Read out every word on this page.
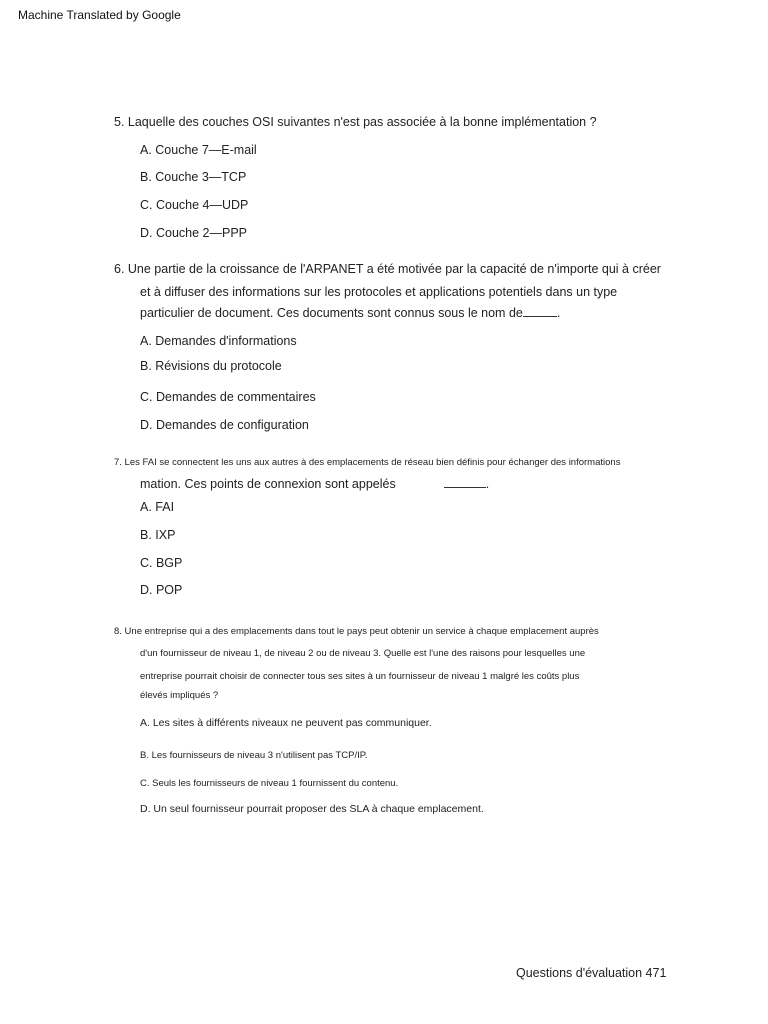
Machine Translated by Google
5. Laquelle des couches OSI suivantes n'est pas associée à la bonne implémentation ?
A. Couche 7—E-mail
B. Couche 3—TCP
C. Couche 4—UDP
D. Couche 2—PPP
6. Une partie de la croissance de l'ARPANET a été motivée par la capacité de n'importe qui à créer
et à diffuser des informations sur les protocoles et applications potentiels dans un type
particulier de document. Ces documents sont connus sous le nom de	.
A. Demandes d'informations
B. Révisions du protocole
C. Demandes de commentaires
D. Demandes de configuration
7. Les FAI se connectent les uns aux autres à des emplacements de réseau bien définis pour échanger des informations
mation. Ces points de connexion sont appelés	.
A. FAI
B. IXP
C. BGP
D. POP
8. Une entreprise qui a des emplacements dans tout le pays peut obtenir un service à chaque emplacement auprès
d'un fournisseur de niveau 1, de niveau 2 ou de niveau 3. Quelle est l'une des raisons pour lesquelles une
entreprise pourrait choisir de connecter tous ses sites à un fournisseur de niveau 1 malgré les coûts plus
élevés impliqués ?
A. Les sites à différents niveaux ne peuvent pas communiquer.
B. Les fournisseurs de niveau 3 n'utilisent pas TCP/IP.
C. Seuls les fournisseurs de niveau 1 fournissent du contenu.
D. Un seul fournisseur pourrait proposer des SLA à chaque emplacement.
Questions d'évaluation 471
